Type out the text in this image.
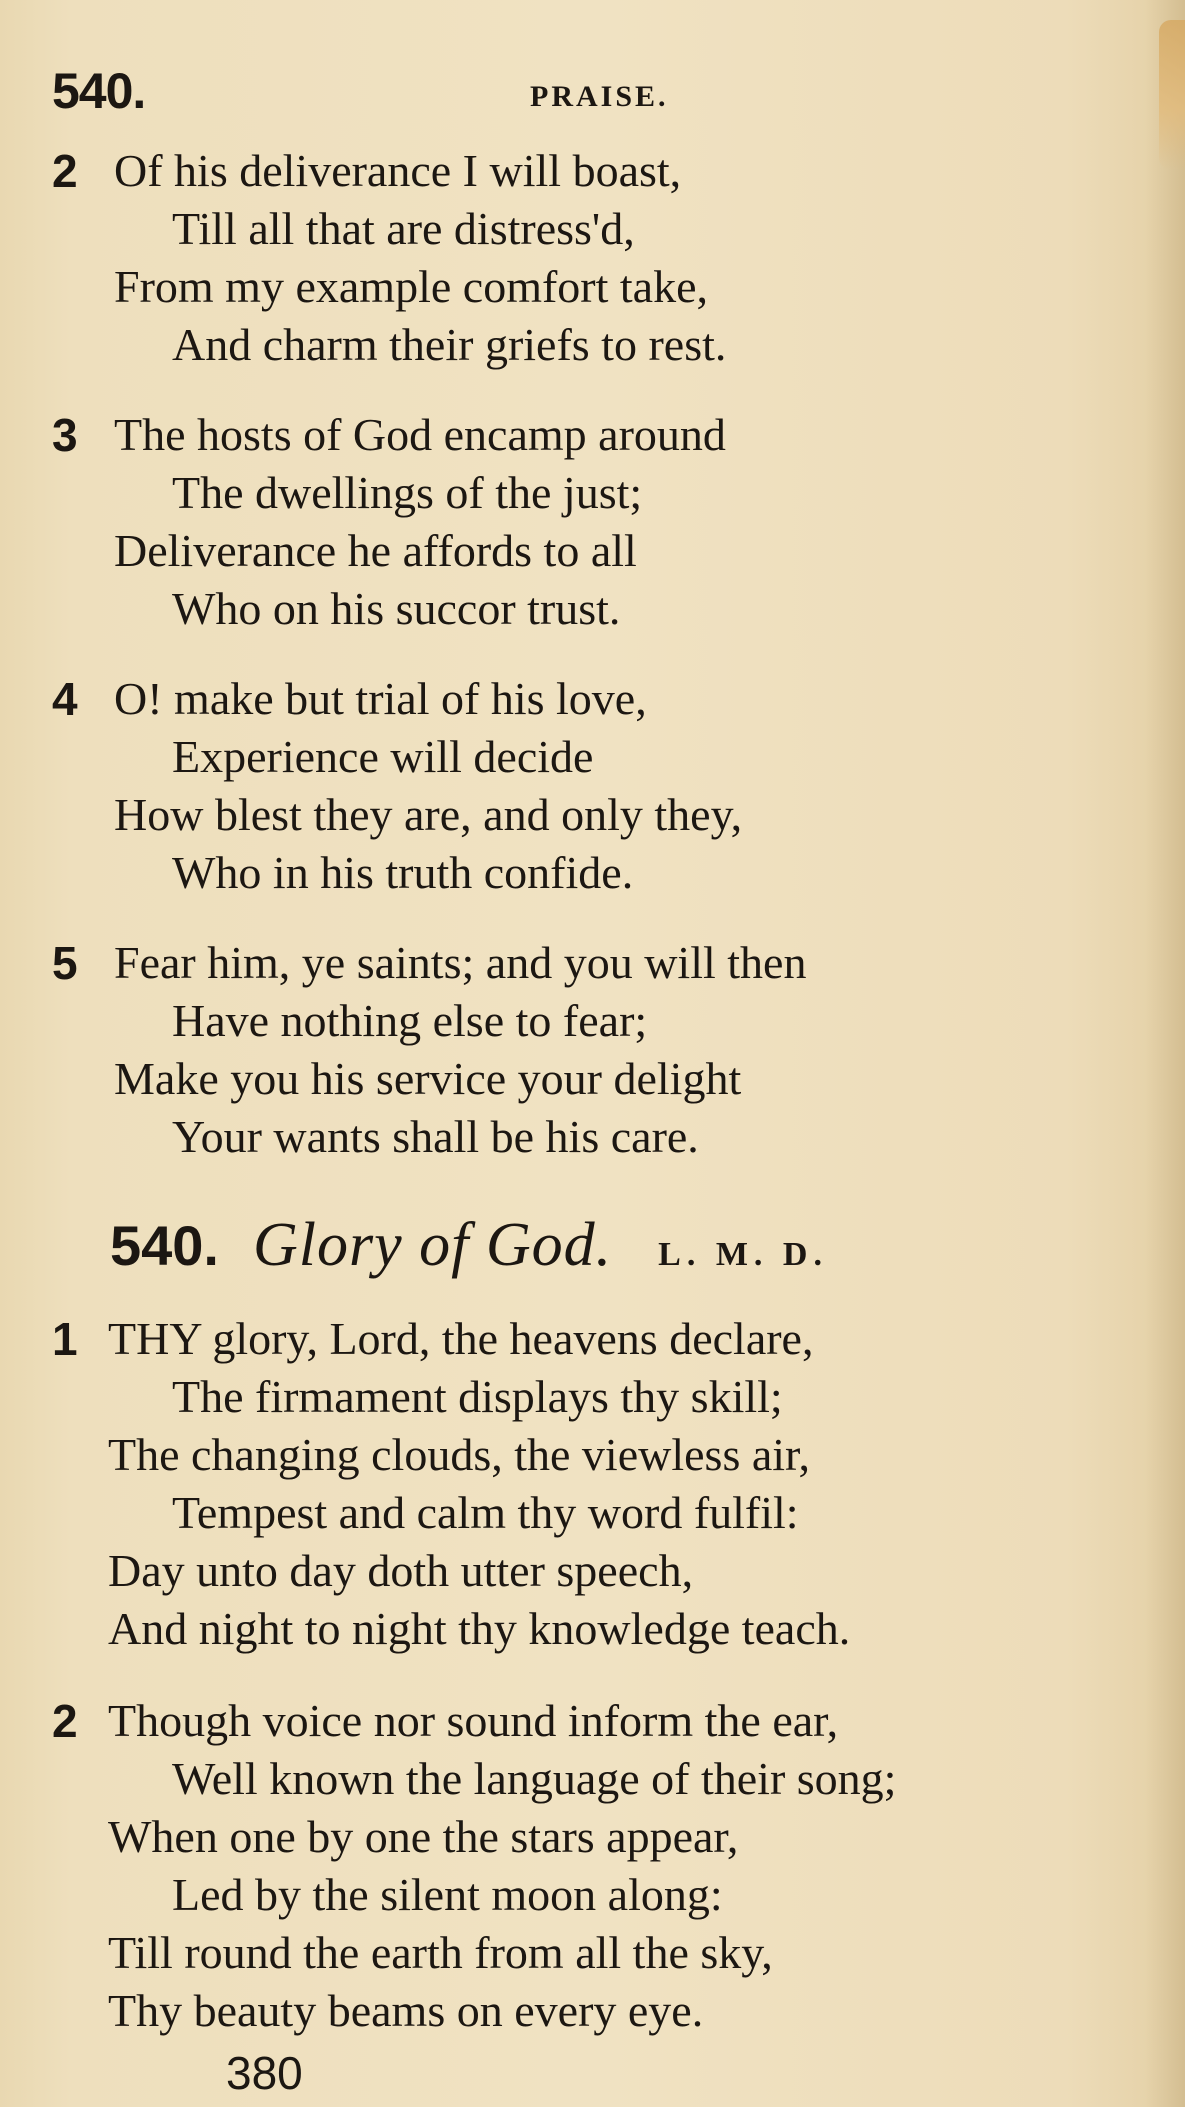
540.	PRAISE.
2 Of his deliverance I will boast,
Till all that are distress'd,
From my example comfort take,
And charm their griefs to rest.
3 The hosts of God encamp around
The dwellings of the just;
Deliverance he affords to all
Who on his succor trust.
4 O! make but trial of his love,
Experience will decide
How blest they are, and only they,
Who in his truth confide.
5 Fear him, ye saints; and you will then
Have nothing else to fear;
Make you his service your delight
Your wants shall be his care.
540. Glory of God. L. M. D.
1 THY glory, Lord, the heavens declare,
The firmament displays thy skill;
The changing clouds, the viewless air,
Tempest and calm thy word fulfil:
Day unto day doth utter speech,
And night to night thy knowledge teach.
2 Though voice nor sound inform the ear,
Well known the language of their song;
When one by one the stars appear,
Led by the silent moon along:
Till round the earth from all the sky,
Thy beauty beams on every eye.
380
